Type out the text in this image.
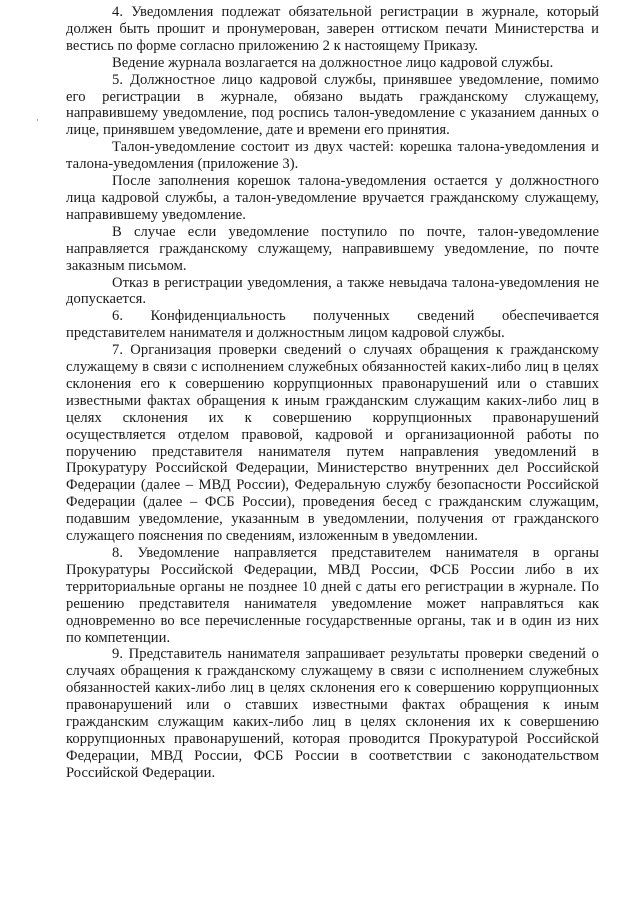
·

4. Уведомления подлежат обязательной регистрации в журнале, который должен быть прошит и пронумерован, заверен оттиском печати Министерства и вестись по форме согласно приложению 2 к настоящему Приказу.

Ведение журнала возлагается на должностное лицо кадровой службы.

5. Должностное лицо кадровой службы, принявшее уведомление, помимо его регистрации в журнале, обязано выдать гражданскому служащему, направившему уведомление, под роспись талон-уведомление с указанием данных о лице, принявшем уведомление, дате и времени его принятия.

Талон-уведомление состоит из двух частей: корешка талона-уведомления и талона-уведомления (приложение 3).

После заполнения корешок талона-уведомления остается у должностного лица кадровой службы, а талон-уведомление вручается гражданскому служащему, направившему уведомление.

В случае если уведомление поступило по почте, талон-уведомление направляется гражданскому служащему, направившему уведомление, по почте заказным письмом.

Отказ в регистрации уведомления, а также невыдача талона-уведомления не допускается.

6. Конфиденциальность полученных сведений обеспечивается представителем нанимателя и должностным лицом кадровой службы.

7. Организация проверки сведений о случаях обращения к гражданскому служащему в связи с исполнением служебных обязанностей каких-либо лиц в целях склонения его к совершению коррупционных правонарушений или о ставших известными фактах обращения к иным гражданским служащим каких-либо лиц в целях склонения их к совершению коррупционных правонарушений осуществляется отделом правовой, кадровой и организационной работы по поручению представителя нанимателя путем направления уведомлений в Прокуратуру Российской Федерации, Министерство внутренних дел Российской Федерации (далее – МВД России), Федеральную службу безопасности Российской Федерации (далее – ФСБ России), проведения бесед с гражданским служащим, подавшим уведомление, указанным в уведомлении, получения от гражданского служащего пояснения по сведениям, изложенным в уведомлении.

8. Уведомление направляется представителем нанимателя в органы Прокуратуры Российской Федерации, МВД России, ФСБ России либо в их территориальные органы не позднее 10 дней с даты его регистрации в журнале. По решению представителя нанимателя уведомление может направляться как одновременно во все перечисленные государственные органы, так и в один из них по компетенции.

9. Представитель нанимателя запрашивает результаты проверки сведений о случаях обращения к гражданскому служащему в связи с исполнением служебных обязанностей каких-либо лиц в целях склонения его к совершению коррупционных правонарушений или о ставших известными фактах обращения к иным гражданским служащим каких-либо лиц в целях склонения их к совершению коррупционных правонарушений, которая проводится Прокуратурой Российской Федерации, МВД России, ФСБ России в соответствии с законодательством Российской Федерации.
